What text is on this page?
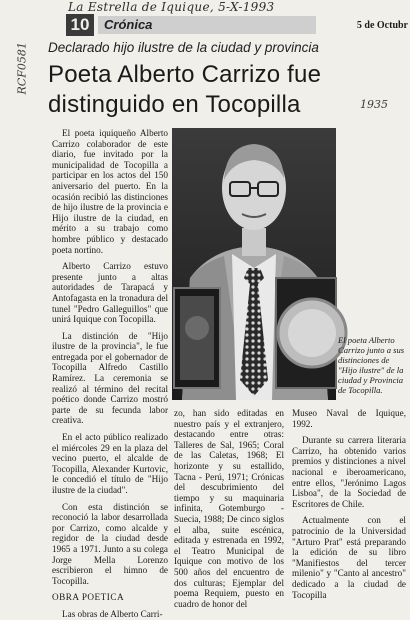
La Estrella de Iquique, 5-X-1993
RCF0581
1935
10	Crónica	5 de Octubr
Declarado hijo ilustre de la ciudad y provincia
Poeta Alberto Carrizo fue distinguido en Tocopilla

El poeta iquiqueño Alberto Carrizo colaborador de este diario, fue invitado por la municipalidad de Tocopilla a participar en los actos del 150 aniversario del puerto. En la ocasión recibió las distinciones de hijo ilustre de la provincia e Hijo ilustre de la ciudad, en mérito a su trabajo como hombre público y destacado poeta nortino.

Alberto Carrizo estuvo presente junto a altas autoridades de Tarapacá y Antofagasta en la tronadura del tunel "Pedro Galleguillos" que unirá Iquique con Tocopilla.

La distinción de "Hijo ilustre de la provincia", le fue entregada por el gobernador de Tocopilla Alfredo Castillo Ramírez. La ceremonia se realizó al término del recital poético donde Carrizo mostró parte de su fecunda labor creativa.

En el acto público realizado el miércoles 29 en la plaza del vecino puerto, el alcalde de Tocopilla, Alexander Kurtovic, le concedió el título de "Hijo ilustre de la ciudad".

Con esta distinción se reconoció la labor desarrollada por Carrizo, como alcalde y regidor de la ciudad desde 1965 a 1971. Junto a su colega Jorge Mella Lorenzo escribieron el himno de Tocopilla.

OBRA POETICA

Las obras de Alberto Carri-

El poeta Alberto Carrizo junto a sus distinciones de "Hijo ilustre" de la ciudad y Provincia de Tocopilla.

zo, han sido editadas en nuestro país y el extranjero, destacando entre otras: Talleres de Sal, 1965; Coral de las Caletas, 1968; El horizonte y su estallido, Tacna - Perú, 1971; Crónicas del descubrimiento del tiempo y su maquinaria infinita, Gotemburgo - Suecia, 1988; De cinco siglos el alba, suite escénica, editada y estrenada en 1992, el Teatro Municipal de Iquique con motivo de los 500 años del encuentro de dos culturas; Ejemplar del poema Requiem, puesto en cuadro de honor del

Museo Naval de Iquique, 1992.

Durante su carrera literaria Carrizo, ha obtenido varios premios y distinciones a nivel nacional e iberoamericano, entre ellos, "Jerónimo Lagos Lisboa", de la Sociedad de Escritores de Chile.

Actualmente con el patrocinio de la Universidad "Arturo Prat" está preparando la edición de su libro "Manifiestos del tercer milenio" y "Canto al ancestro" dedicado a la ciudad de Tocopilla
